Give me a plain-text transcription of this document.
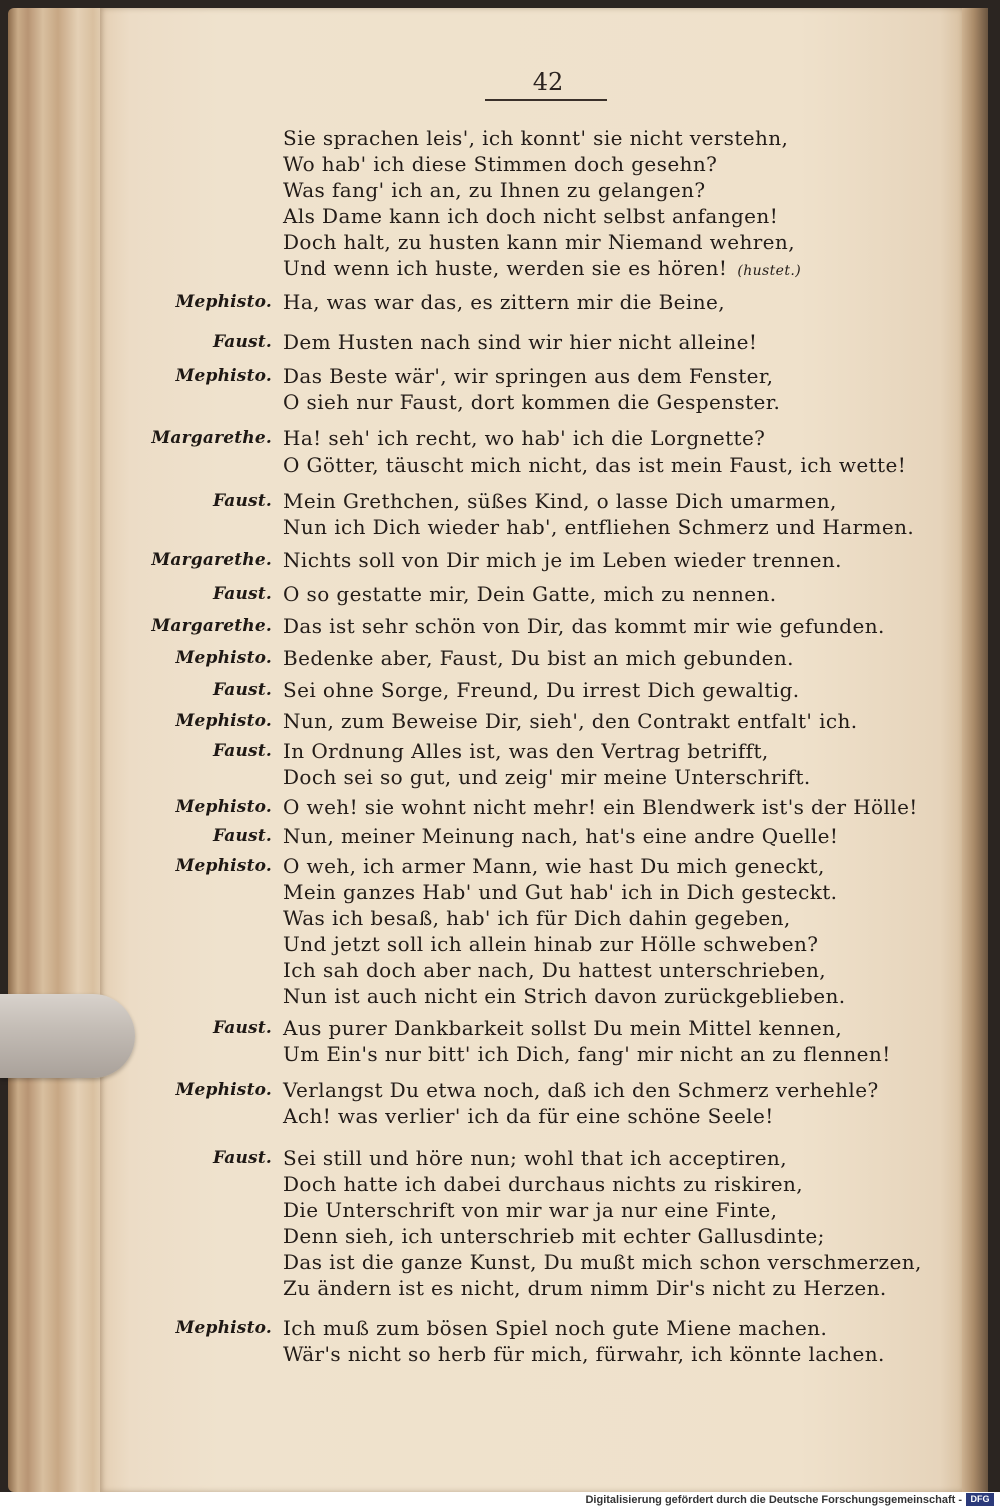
42
Sie sprachen leis', ich konnt' sie nicht verstehn,
Wo hab' ich diese Stimmen doch gesehn?
Was fang' ich an, zu Ihnen zu gelangen?
Als Dame kann ich doch nicht selbst anfangen!
Doch halt, zu husten kann mir Niemand wehren,
Und wenn ich huste, werden sie es hören! (hustet.)
Mephisto. Ha, was war das, es zittern mir die Beine,
Faust. Dem Husten nach sind wir hier nicht alleine!
Mephisto. Das Beste wär', wir springen aus dem Fenster,
O sieh nur Faust, dort kommen die Gespenster.
Margarethe. Ha! seh' ich recht, wo hab' ich die Lorgnette?
O Götter, täuscht mich nicht, das ist mein Faust, ich wette!
Faust. Mein Grethchen, süßes Kind, o lasse Dich umarmen,
Nun ich Dich wieder hab', entfliehen Schmerz und Harmen.
Margarethe. Nichts soll von Dir mich je im Leben wieder trennen.
Faust. O so gestatte mir, Dein Gatte, mich zu nennen.
Margarethe. Das ist sehr schön von Dir, das kommt mir wie gefunden.
Mephisto. Bedenke aber, Faust, Du bist an mich gebunden.
Faust. Sei ohne Sorge, Freund, Du irrest Dich gewaltig.
Mephisto. Nun, zum Beweise Dir, sieh', den Contrakt entfalt' ich.
Faust. In Ordnung Alles ist, was den Vertrag betrifft,
Doch sei so gut, und zeig' mir meine Unterschrift.
Mephisto. O weh! sie wohnt nicht mehr! ein Blendwerk ist's der Hölle!
Faust. Nun, meiner Meinung nach, hat's eine andre Quelle!
Mephisto. O weh, ich armer Mann, wie hast Du mich geneckt,
Mein ganzes Hab' und Gut hab' ich in Dich gesteckt.
Was ich besaß, hab' ich für Dich dahin gegeben,
Und jetzt soll ich allein hinab zur Hölle schweben?
Ich sah doch aber nach, Du hattest unterschrieben,
Nun ist auch nicht ein Strich davon zurückgeblieben.
Faust. Aus purer Dankbarkeit sollst Du mein Mittel kennen,
Um Ein's nur bitt' ich Dich, fang' mir nicht an zu flennen!
Mephisto. Verlangst Du etwa noch, daß ich den Schmerz verhehle?
Ach! was verlier' ich da für eine schöne Seele!
Faust. Sei still und höre nun; wohl that ich acceptiren,
Doch hatte ich dabei durchaus nichts zu riskiren,
Die Unterschrift von mir war ja nur eine Finte,
Denn sieh, ich unterschrieb mit echter Gallusdinte;
Das ist die ganze Kunst, Du mußt mich schon verschmerzen,
Zu ändern ist es nicht, drum nimm Dir's nicht zu Herzen.
Mephisto. Ich muß zum bösen Spiel noch gute Miene machen.
Wär's nicht so herb für mich, fürwahr, ich könnte lachen.
Digitalisierung gefördert durch die Deutsche Forschungsgemeinschaft - DFG
